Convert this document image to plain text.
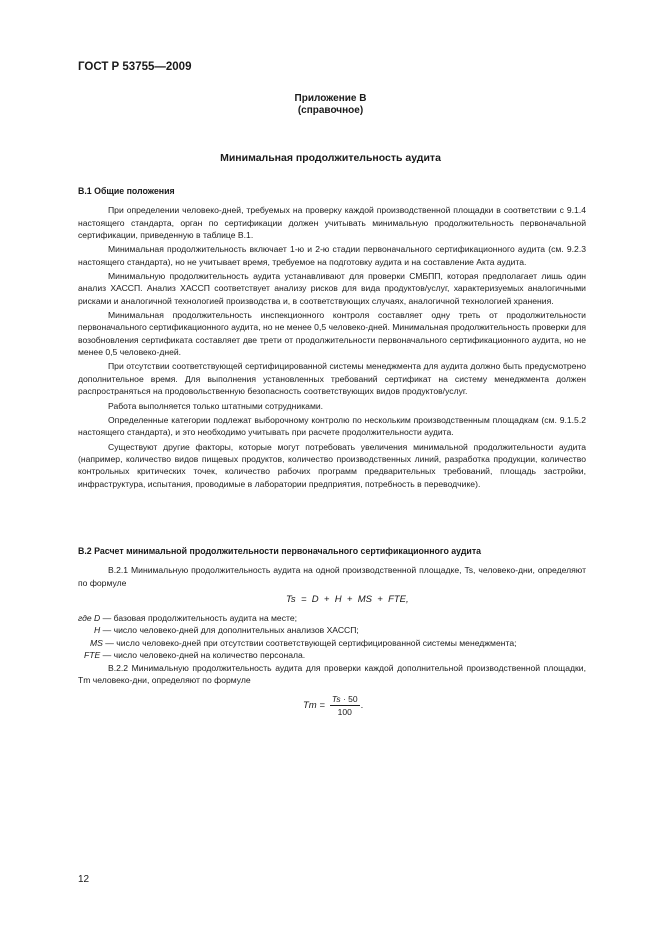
ГОСТ Р 53755—2009
Приложение В
(справочное)
Минимальная продолжительность аудита

В.1 Общие положения

При определении человеко-дней, требуемых на проверку каждой производственной площадки в соответствии с 9.1.4 настоящего стандарта, орган по сертификации должен учитывать минимальную продолжительность первоначальной сертификации, приведенную в таблице В.1.

Минимальная продолжительность включает 1-ю и 2-ю стадии первоначального сертификационного аудита (см. 9.2.3 настоящего стандарта), но не учитывает время, требуемое на подготовку аудита и на составление Акта аудита.

Минимальную продолжительность аудита устанавливают для проверки СМБПП, которая предполагает лишь один анализ ХАССП. Анализ ХАССП соответствует анализу рисков для вида продуктов/услуг, характеризуемых аналогичными рисками и аналогичной технологией производства и, в соответствующих случаях, аналогичной технологией хранения.

Минимальная продолжительность инспекционного контроля составляет одну треть от продолжительности первоначального сертификационного аудита, но не менее 0,5 человеко-дней. Минимальная продолжительность проверки для возобновления сертификата составляет две трети от продолжительности первоначального сертификационного аудита, но не менее 0,5 человеко-дней.

При отсутствии соответствующей сертифицированной системы менеджмента для аудита должно быть предусмотрено дополнительное время. Для выполнения установленных требований сертификат на систему менеджмента должен распространяться на продовольственную безопасность соответствующих видов продуктов/услуг.

Работа выполняется только штатными сотрудниками.

Определенные категории подлежат выборочному контролю по нескольким производственным площадкам (см. 9.1.5.2 настоящего стандарта), и это необходимо учитывать при расчете продолжительности аудита.

Существуют другие факторы, которые могут потребовать увеличения минимальной продолжительности аудита (например, количество видов пищевых продуктов, количество производственных линий, разработка продукции, количество контрольных критических точек, количество рабочих программ предварительных требований, площадь застройки, инфраструктура, испытания, проводимые в лаборатории предприятия, потребность в переводчике).

В.2 Расчет минимальной продолжительности первоначального сертификационного аудита

В.2.1 Минимальную продолжительность аудита на одной производственной площадке, Ts, человеко-дни, определяют по формуле

Ts  =  D  +  H  +  MS  +  FTE,
где D — базовая продолжительность аудита на месте;
H — число человеко-дней для дополнительных анализов ХАССП;
MS — число человеко-дней при отсутствии соответствующей сертифицированной системы менеджмента;
FTE — число человеко-дней на количество персонала.

В.2.2 Минимальную продолжительность аудита для проверки каждой дополнительной производственной площадки, Tm человеко-дни, определяют по формуле

$Tm = \frac{Ts \cdot 50}{100}$ .
12
